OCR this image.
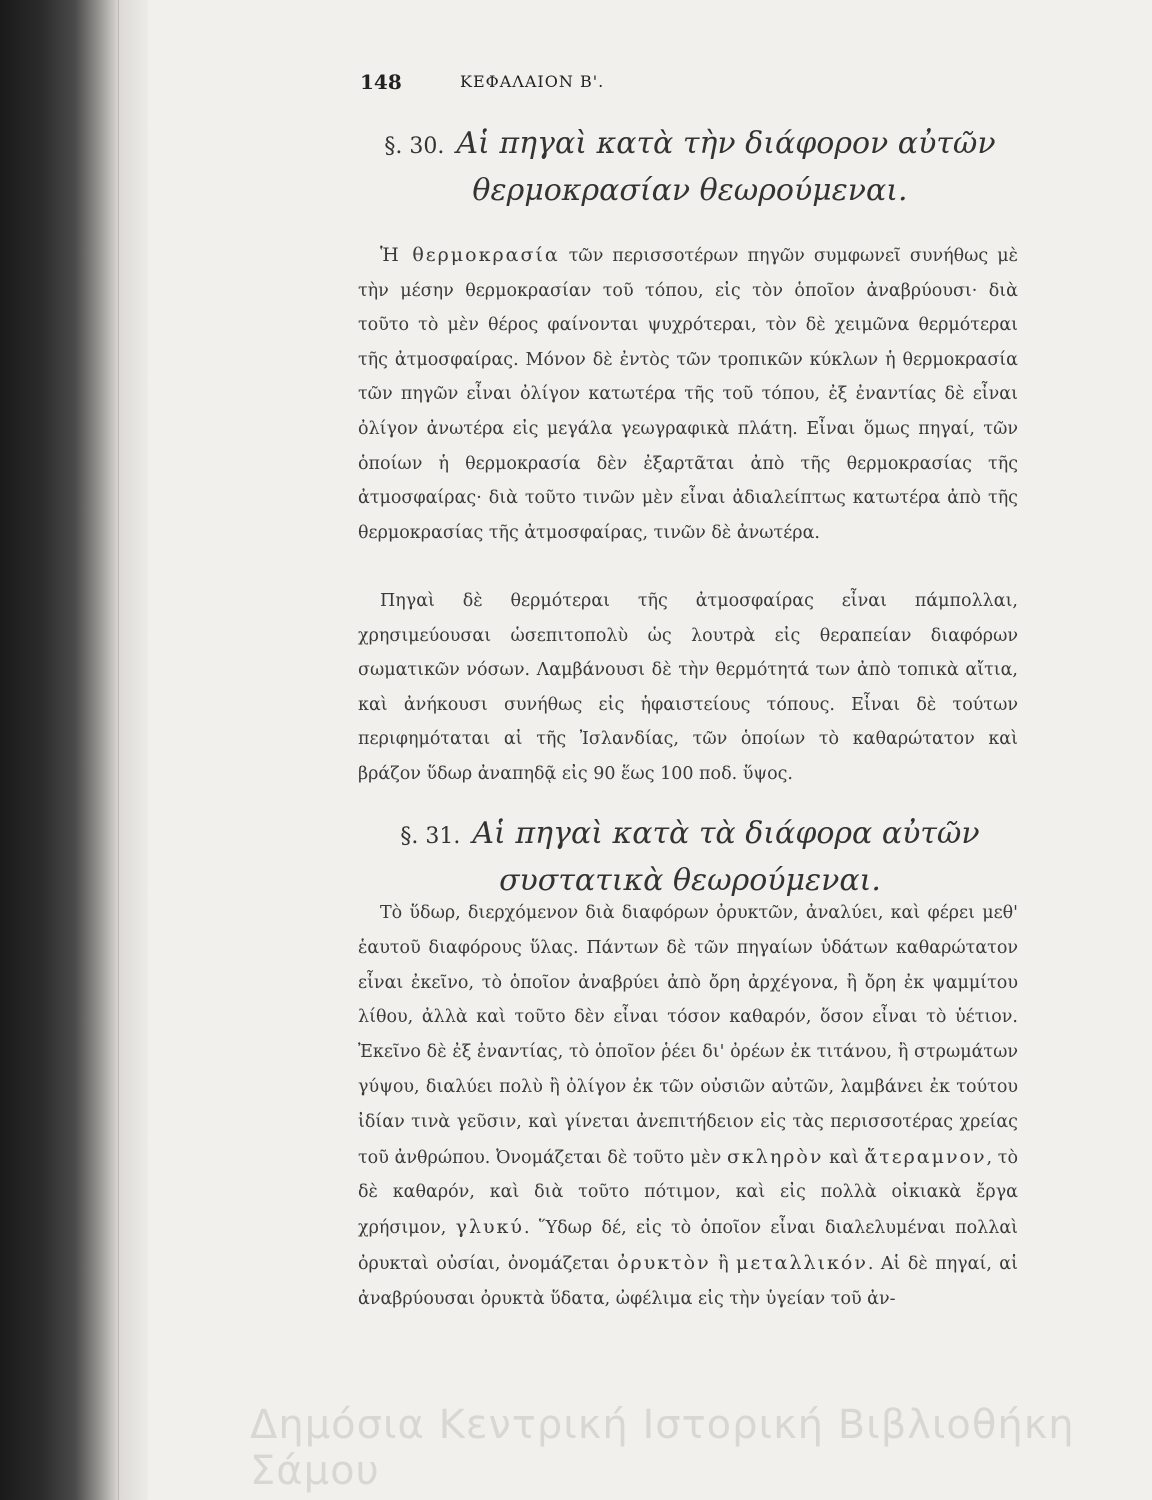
148	ΚΕΦΑΛΑΙΟΝ Β'.
§. 30. Αἱ πηγαὶ κατὰ τὴν διάφορον αὐτῶν θερμοκρασίαν θεωρούμεναι.

Ἡ θερμοκρασία τῶν περισσοτέρων πηγῶν συμφωνεῖ συνήθως μὲ τὴν μέσην θερμοκρασίαν τοῦ τόπου, εἰς τὸν ὁποῖον ἀναβρύουσι· διὰ τοῦτο τὸ μὲν θέρος φαίνονται ψυχρότεραι, τὸν δὲ χειμῶνα θερμότεραι τῆς ἀτμοσφαίρας. Μόνον δὲ ἐντὸς τῶν τροπικῶν κύκλων ἡ θερμοκρασία τῶν πηγῶν εἶναι ὀλίγον κατωτέρα τῆς τοῦ τόπου, ἐξ ἐναντίας δὲ εἶναι ὀλίγον ἀνωτέρα εἰς μεγάλα γεωγραφικὰ πλάτη. Εἶναι ὅμως πηγαί, τῶν ὁποίων ἡ θερμοκρασία δὲν ἐξαρτᾶται ἀπὸ τῆς θερμοκρασίας τῆς ἀτμοσφαίρας· διὰ τοῦτο τινῶν μὲν εἶναι ἀδιαλείπτως κατωτέρα ἀπὸ τῆς θερμοκρασίας τῆς ἀτμοσφαίρας, τινῶν δὲ ἀνωτέρα.

Πηγαὶ δὲ θερμότεραι τῆς ἀτμοσφαίρας εἶναι πάμπολλαι, χρησιμεύουσαι ὡσεπιτοπολὺ ὡς λουτρὰ εἰς θεραπείαν διαφόρων σωματικῶν νόσων. Λαμβάνουσι δὲ τὴν θερμότητά των ἀπὸ τοπικὰ αἴτια, καὶ ἀνήκουσι συνήθως εἰς ἡφαιστείους τόπους. Εἶναι δὲ τούτων περιφημόταται αἱ τῆς Ἰσλανδίας, τῶν ὁποίων τὸ καθαρώτατον καὶ βράζον ὕδωρ ἀναπηδᾷ εἰς 90 ἕως 100 ποδ. ὕψος.

§. 31. Αἱ πηγαὶ κατὰ τὰ διάφορα αὐτῶν συστατικὰ θεωρούμεναι.

Τὸ ὕδωρ, διερχόμενον διὰ διαφόρων ὀρυκτῶν, ἀναλύει, καὶ φέρει μεθ' ἑαυτοῦ διαφόρους ὕλας. Πάντων δὲ τῶν πηγαίων ὑδάτων καθαρώτατον εἶναι ἐκεῖνο, τὸ ὁποῖον ἀναβρύει ἀπὸ ὄρη ἀρχέγονα, ἢ ὄρη ἐκ ψαμμίτου λίθου, ἀλλὰ καὶ τοῦτο δὲν εἶναι τόσον καθαρόν, ὅσον εἶναι τὸ ὑέτιον. Ἐκεῖνο δὲ ἐξ ἐναντίας, τὸ ὁποῖον ῥέει δι' ὀρέων ἐκ τιτάνου, ἢ στρωμάτων γύψου, διαλύει πολὺ ἢ ὀλίγον ἐκ τῶν οὐσιῶν αὐτῶν, λαμβάνει ἐκ τούτου ἰδίαν τινὰ γεῦσιν, καὶ γίνεται ἀνεπιτήδειον εἰς τὰς περισσοτέρας χρείας τοῦ ἀνθρώπου. Ὀνομάζεται δὲ τοῦτο μὲν σκληρὸν καὶ ἄτεραμνον, τὸ δὲ καθαρόν, καὶ διὰ τοῦτο πότιμον, καὶ εἰς πολλὰ οἰκιακὰ ἔργα χρήσιμον, γλυκύ. Ὕδωρ δέ, εἰς τὸ ὁποῖον εἶναι διαλελυμέναι πολλαὶ ὀρυκταὶ οὐσίαι, ὀνομάζεται ὀρυκτὸν ἢ μεταλλικόν. Αἱ δὲ πηγαί, αἱ ἀναβρύουσαι ὀρυκτὰ ὕδατα, ὠφέλιμα εἰς τὴν ὑγείαν τοῦ ἀν-

Δημόσια Κεντρική Ιστορική Βιβλιοθήκη Σάμου
